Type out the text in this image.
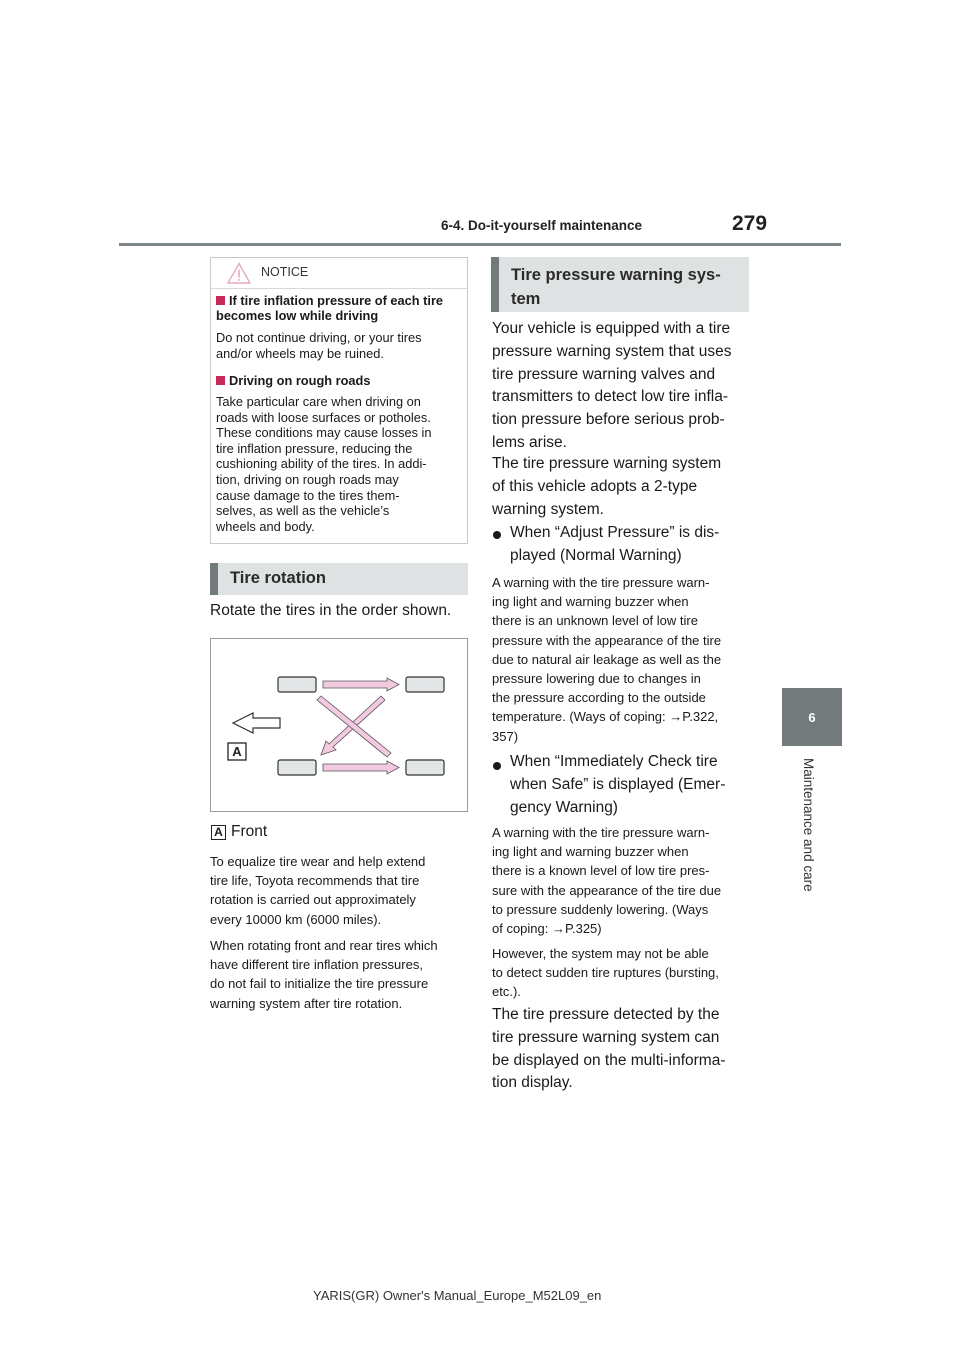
6-4. Do-it-yourself maintenance	279
6
Maintenance and care
NOTICE
If tire inflation pressure of each tire becomes low while driving
Do not continue driving, or your tires
and/or wheels may be ruined.
Driving on rough roads
Take particular care when driving on
roads with loose surfaces or potholes.
These conditions may cause losses in
tire inflation pressure, reducing the
cushioning ability of the tires. In addi-
tion, driving on rough roads may
cause damage to the tires them-
selves, as well as the vehicle’s
wheels and body.
Tire rotation
Rotate the tires in the order shown.
A
A Front
To equalize tire wear and help extend
tire life, Toyota recommends that tire
rotation is carried out approximately
every 10000 km (6000 miles).
When rotating front and rear tires which
have different tire inflation pressures,
do not fail to initialize the tire pressure
warning system after tire rotation.
Tire pressure warning sys-
tem
Your vehicle is equipped with a tire
pressure warning system that uses
tire pressure warning valves and
transmitters to detect low tire infla-
tion pressure before serious prob-
lems arise.
The tire pressure warning system
of this vehicle adopts a 2-type
warning system.
When “Adjust Pressure” is dis-
played (Normal Warning)
A warning with the tire pressure warn-
ing light and warning buzzer when
there is an unknown level of low tire
pressure with the appearance of the tire
due to natural air leakage as well as the
pressure lowering due to changes in
the pressure according to the outside
temperature. (Ways of coping: →P.322,
357)
When “Immediately Check tire
when Safe” is displayed (Emer-
gency Warning)
A warning with the tire pressure warn-
ing light and warning buzzer when
there is a known level of low tire pres-
sure with the appearance of the tire due
to pressure suddenly lowering. (Ways
of coping: →P.325)
However, the system may not be able
to detect sudden tire ruptures (bursting,
etc.).
The tire pressure detected by the
tire pressure warning system can
be displayed on the multi-informa-
tion display.
YARIS(GR) Owner's Manual_Europe_M52L09_en
